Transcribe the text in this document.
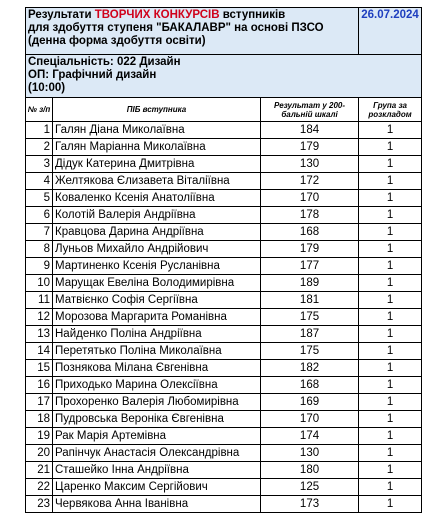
Результати ТВОРЧИХ КОНКУРСІВ вступників
для здобуття ступеня "БАКАЛАВР" на основі ПЗСО
(денна форма здобуття освіти)			26.07.2024

Спеціальність: 022 Дизайн
ОП: Графічний дизайн
(10:00)			

№ з/п	ПІБ вступника	Результат у 200-бальній шкалі	Група за розкладом
1	Галян Діана Миколаївна	184	1
2	Галян Маріанна Миколаївна	179	1
3	Дідук Катерина Дмитрівна	130	1
4	Желтякова Єлизавета Віталіївна	172	1
5	Коваленко Ксенія Анатоліївна	170	1
6	Колотій Валерія Андріївна	178	1
7	Кравцова Дарина Андріївна	168	1
8	Луньов Михайло Андрійович	179	1
9	Мартиненко Ксенія Русланівна	177	1
10	Марущак Евеліна Володимирівна	189	1
11	Матвієнко Софія Сергіївна	181	1
12	Морозова Маргарита Романівна	175	1
13	Найденко Поліна Андріївна	187	1
14	Перетятько Поліна Миколаївна	175	1
15	Познякова Мілана Євгенівна	182	1
16	Приходько Марина Олексіївна	168	1
17	Прохоренко Валерія Любомирівна	169	1
18	Пудровська Вероніка Євгенівна	170	1
19	Рак Марія Артемівна	174	1
20	Рапінчук Анастасія Олександрівна	130	1
21	Сташейко Інна Андріївна	180	1
22	Царенко Максим Сергійович	125	1
23	Червякова Анна Іванівна	173	1
